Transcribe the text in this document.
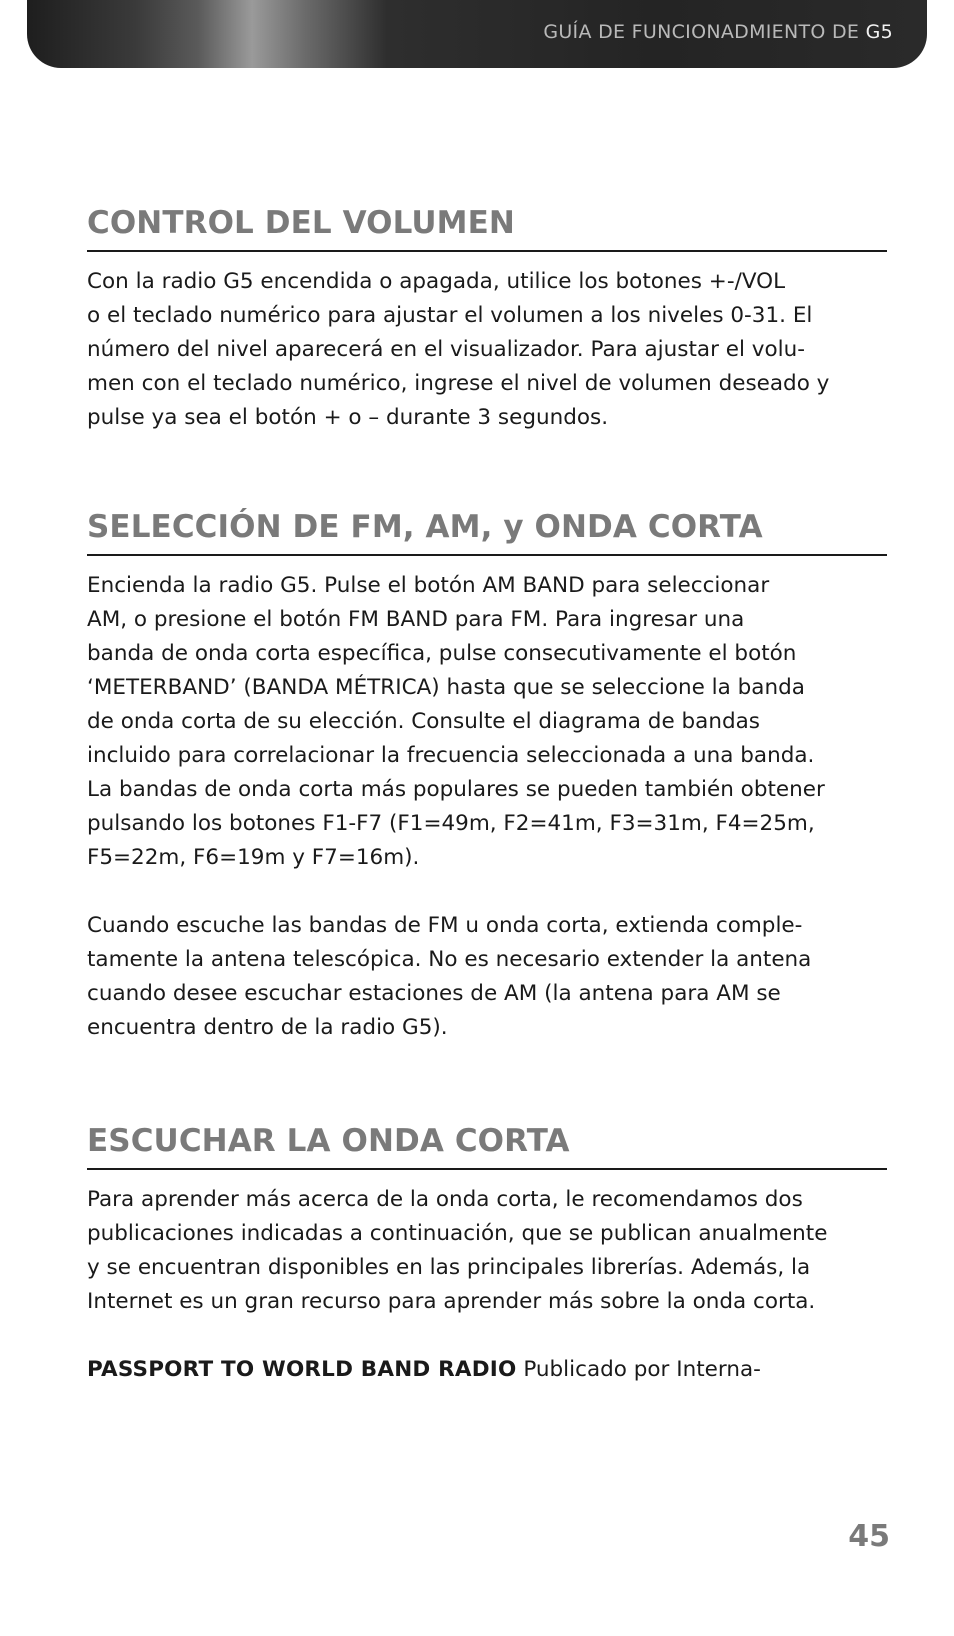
GUÍA DE FUNCIONADMIENTO DE G5
CONTROL DEL VOLUMEN

Con la radio G5 encendida o apagada, utilice los botones +-/VOL
o el teclado numérico para ajustar el volumen a los niveles 0-31. El
número del nivel aparecerá en el visualizador. Para ajustar el volu-
men con el teclado numérico, ingrese el nivel de volumen deseado y
pulse ya sea el botón + o – durante 3 segundos.

SELECCIÓN DE FM, AM, y ONDA CORTA

Encienda la radio G5. Pulse el botón AM BAND para seleccionar
AM, o presione el botón FM BAND para FM. Para ingresar una
banda de onda corta específica, pulse consecutivamente el botón
‘METERBAND’ (BANDA MÉTRICA) hasta que se seleccione la banda
de onda corta de su elección. Consulte el diagrama de bandas
incluido para correlacionar la frecuencia seleccionada a una banda.
La bandas de onda corta más populares se pueden también obtener
pulsando los botones F1-F7 (F1=49m, F2=41m, F3=31m, F4=25m,
F5=22m, F6=19m y F7=16m).

Cuando escuche las bandas de FM u onda corta, extienda comple-
tamente la antena telescópica. No es necesario extender la antena
cuando desee escuchar estaciones de AM (la antena para AM se
encuentra dentro de la radio G5).

ESCUCHAR LA ONDA CORTA

Para aprender más acerca de la onda corta, le recomendamos dos
publicaciones indicadas a continuación, que se publican anualmente
y se encuentran disponibles en las principales librerías. Además, la
Internet es un gran recurso para aprender más sobre la onda corta.

PASSPORT TO WORLD BAND RADIO Publicado por Interna-

45
